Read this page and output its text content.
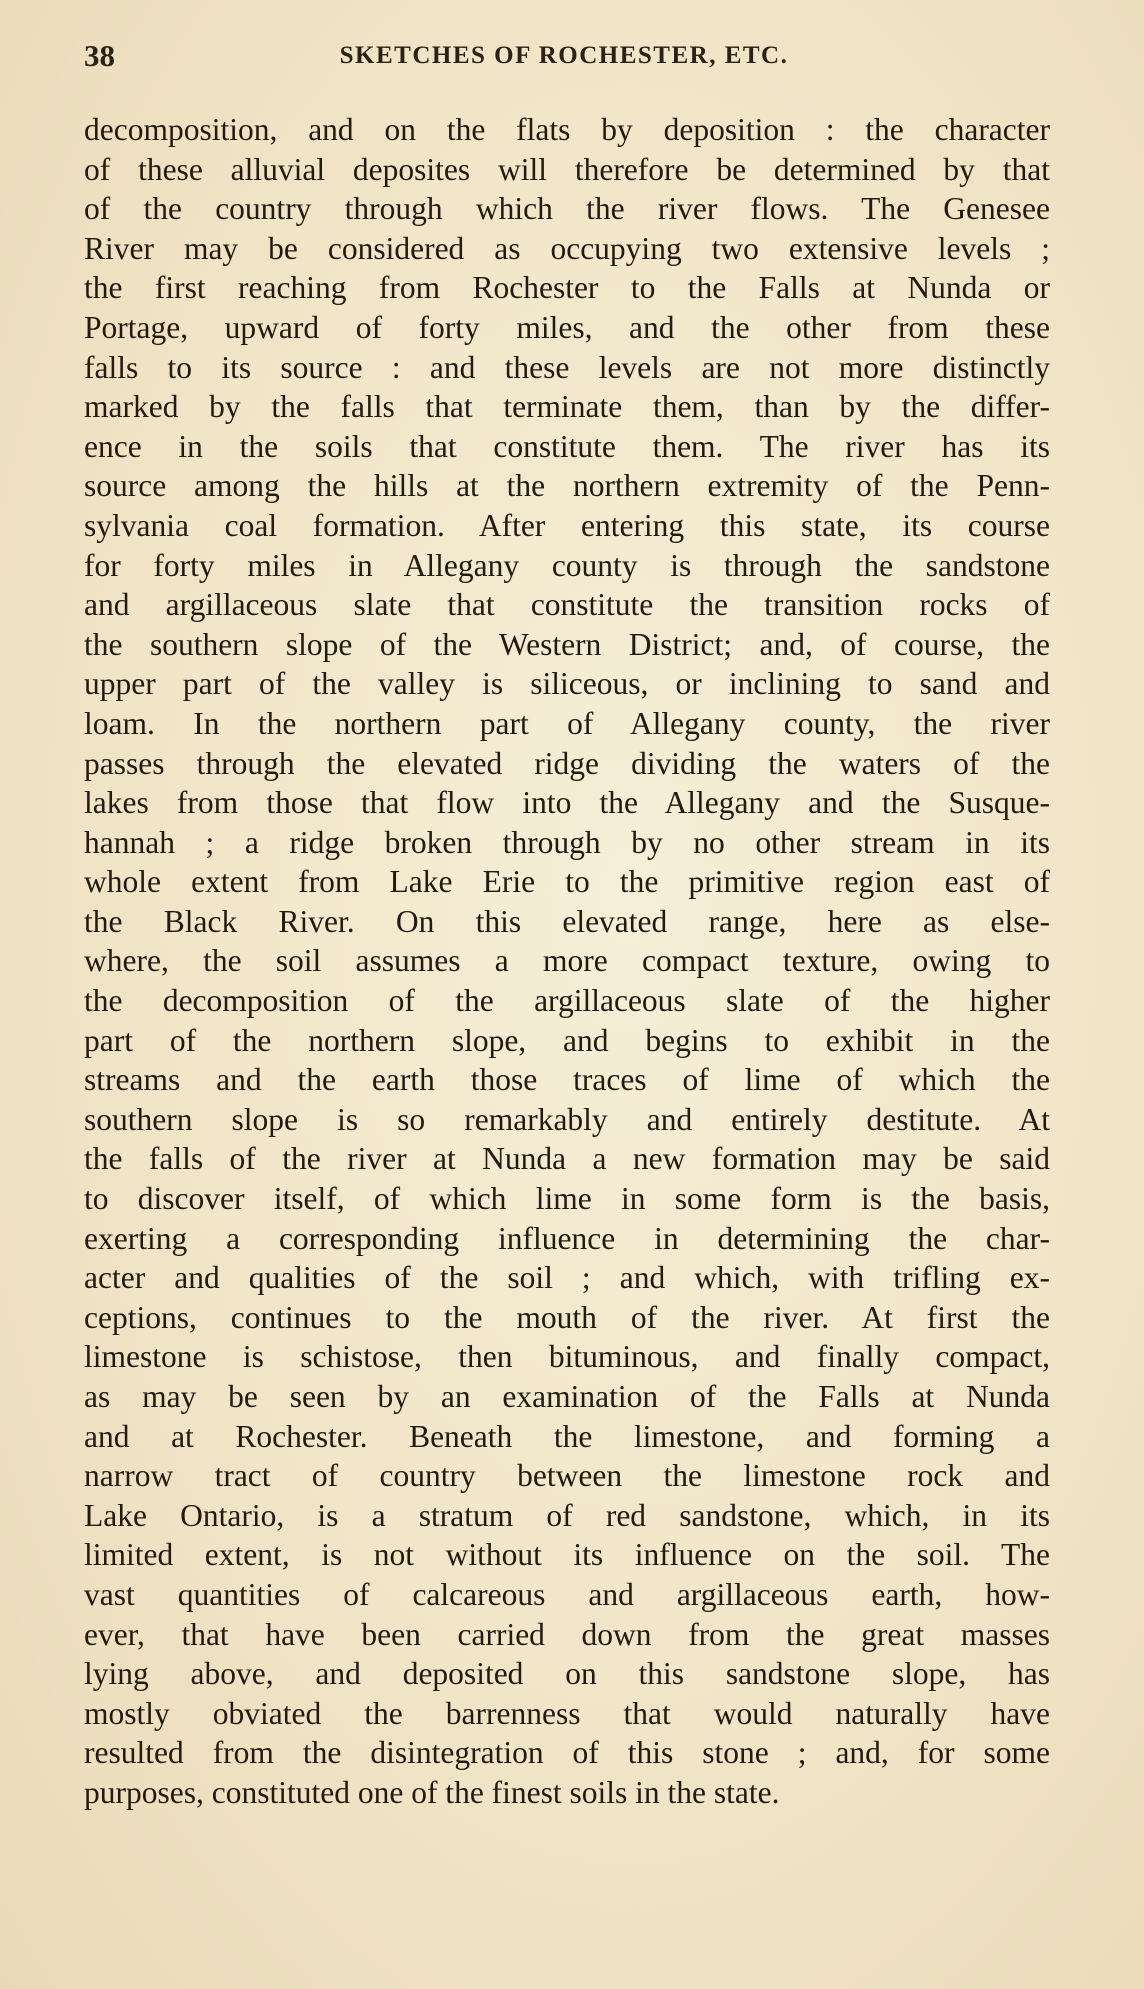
38	SKETCHES OF ROCHESTER, ETC.
decomposition, and on the flats by deposition : the character
of these alluvial deposites will therefore be determined by that
of the country through which the river flows. The Genesee
River may be considered as occupying two extensive levels ;
the first reaching from Rochester to the Falls at Nunda or
Portage, upward of forty miles, and the other from these
falls to its source : and these levels are not more distinctly
marked by the falls that terminate them, than by the differ-
ence in the soils that constitute them. The river has its
source among the hills at the northern extremity of the Penn-
sylvania coal formation. After entering this state, its course
for forty miles in Allegany county is through the sandstone
and argillaceous slate that constitute the transition rocks of
the southern slope of the Western District; and, of course, the
upper part of the valley is siliceous, or inclining to sand and
loam. In the northern part of Allegany county, the river
passes through the elevated ridge dividing the waters of the
lakes from those that flow into the Allegany and the Susque-
hannah ; a ridge broken through by no other stream in its
whole extent from Lake Erie to the primitive region east of
the Black River. On this elevated range, here as else-
where, the soil assumes a more compact texture, owing to
the decomposition of the argillaceous slate of the higher
part of the northern slope, and begins to exhibit in the
streams and the earth those traces of lime of which the
southern slope is so remarkably and entirely destitute. At
the falls of the river at Nunda a new formation may be said
to discover itself, of which lime in some form is the basis,
exerting a corresponding influence in determining the char-
acter and qualities of the soil ; and which, with trifling ex-
ceptions, continues to the mouth of the river. At first the
limestone is schistose, then bituminous, and finally compact,
as may be seen by an examination of the Falls at Nunda
and at Rochester. Beneath the limestone, and forming a
narrow tract of country between the limestone rock and
Lake Ontario, is a stratum of red sandstone, which, in its
limited extent, is not without its influence on the soil. The
vast quantities of calcareous and argillaceous earth, how-
ever, that have been carried down from the great masses
lying above, and deposited on this sandstone slope, has
mostly obviated the barrenness that would naturally have
resulted from the disintegration of this stone ; and, for some
purposes, constituted one of the finest soils in the state.
